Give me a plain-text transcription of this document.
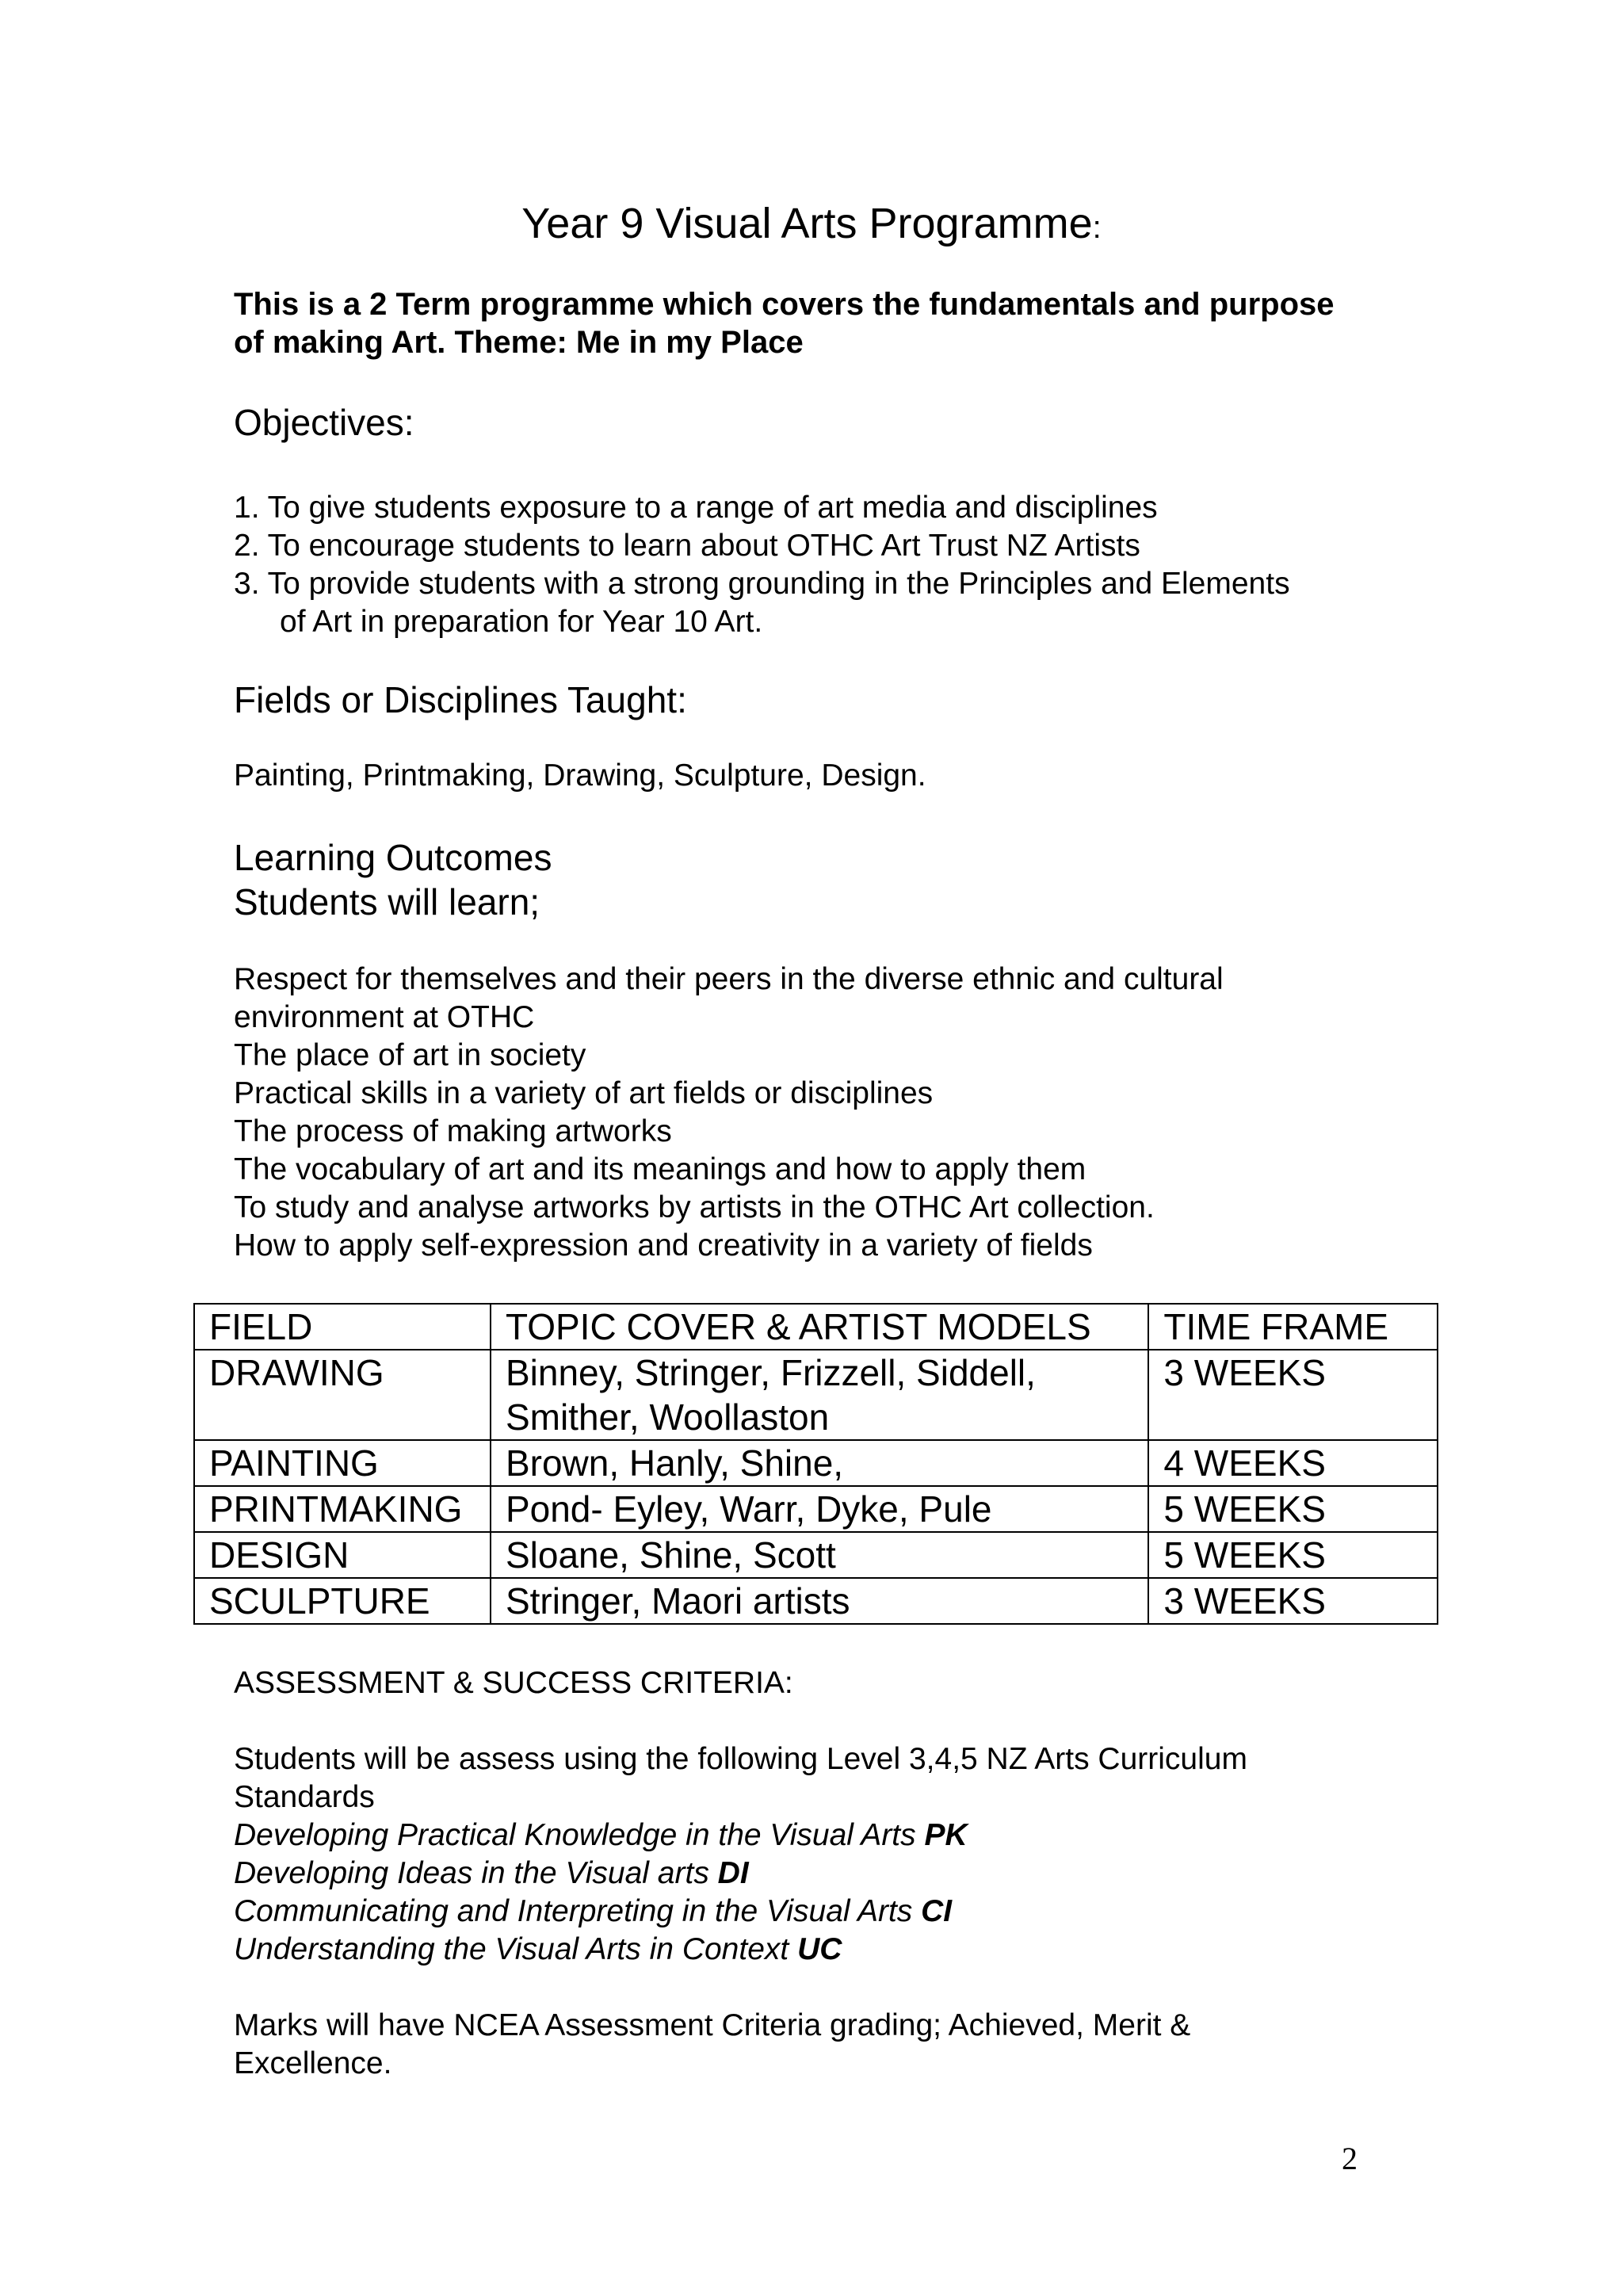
Year 9 Visual Arts Programme:
This is a 2 Term programme which covers the fundamentals and purpose
of making Art. Theme: Me in my Place
Objectives:
1. To give students exposure to a range of art media and disciplines
2. To encourage students to learn about OTHC Art Trust NZ Artists
3. To provide students with a strong grounding in the Principles and Elements
of Art in preparation for Year 10 Art.
Fields or Disciplines Taught:
Painting, Printmaking, Drawing, Sculpture, Design.
Learning Outcomes
Students will learn;
Respect for themselves and their peers in the diverse ethnic and cultural
environment at OTHC
The place of art in society
Practical skills in a variety of art fields or disciplines
The process of making artworks
The vocabulary of art and its meanings and how to apply them
To study and analyse artworks by artists in the OTHC Art collection.
How to apply self-expression and creativity in a variety of fields
FIELD	TOPIC COVER & ARTIST MODELS	TIME FRAME
DRAWING	Binney, Stringer, Frizzell, Siddell, Smither, Woollaston	3 WEEKS
PAINTING	Brown, Hanly, Shine,	4 WEEKS
PRINTMAKING	Pond- Eyley, Warr, Dyke, Pule	5 WEEKS
DESIGN	Sloane, Shine, Scott	5 WEEKS
SCULPTURE	Stringer, Maori artists	3 WEEKS
ASSESSMENT & SUCCESS CRITERIA:
Students will be assess using the following Level 3,4,5 NZ Arts Curriculum
Standards
Developing Practical Knowledge in the Visual Arts PK
Developing Ideas in the Visual arts DI
Communicating and Interpreting in the Visual Arts CI
Understanding the Visual Arts in Context UC
Marks will have NCEA Assessment Criteria grading; Achieved, Merit &
Excellence.
2
